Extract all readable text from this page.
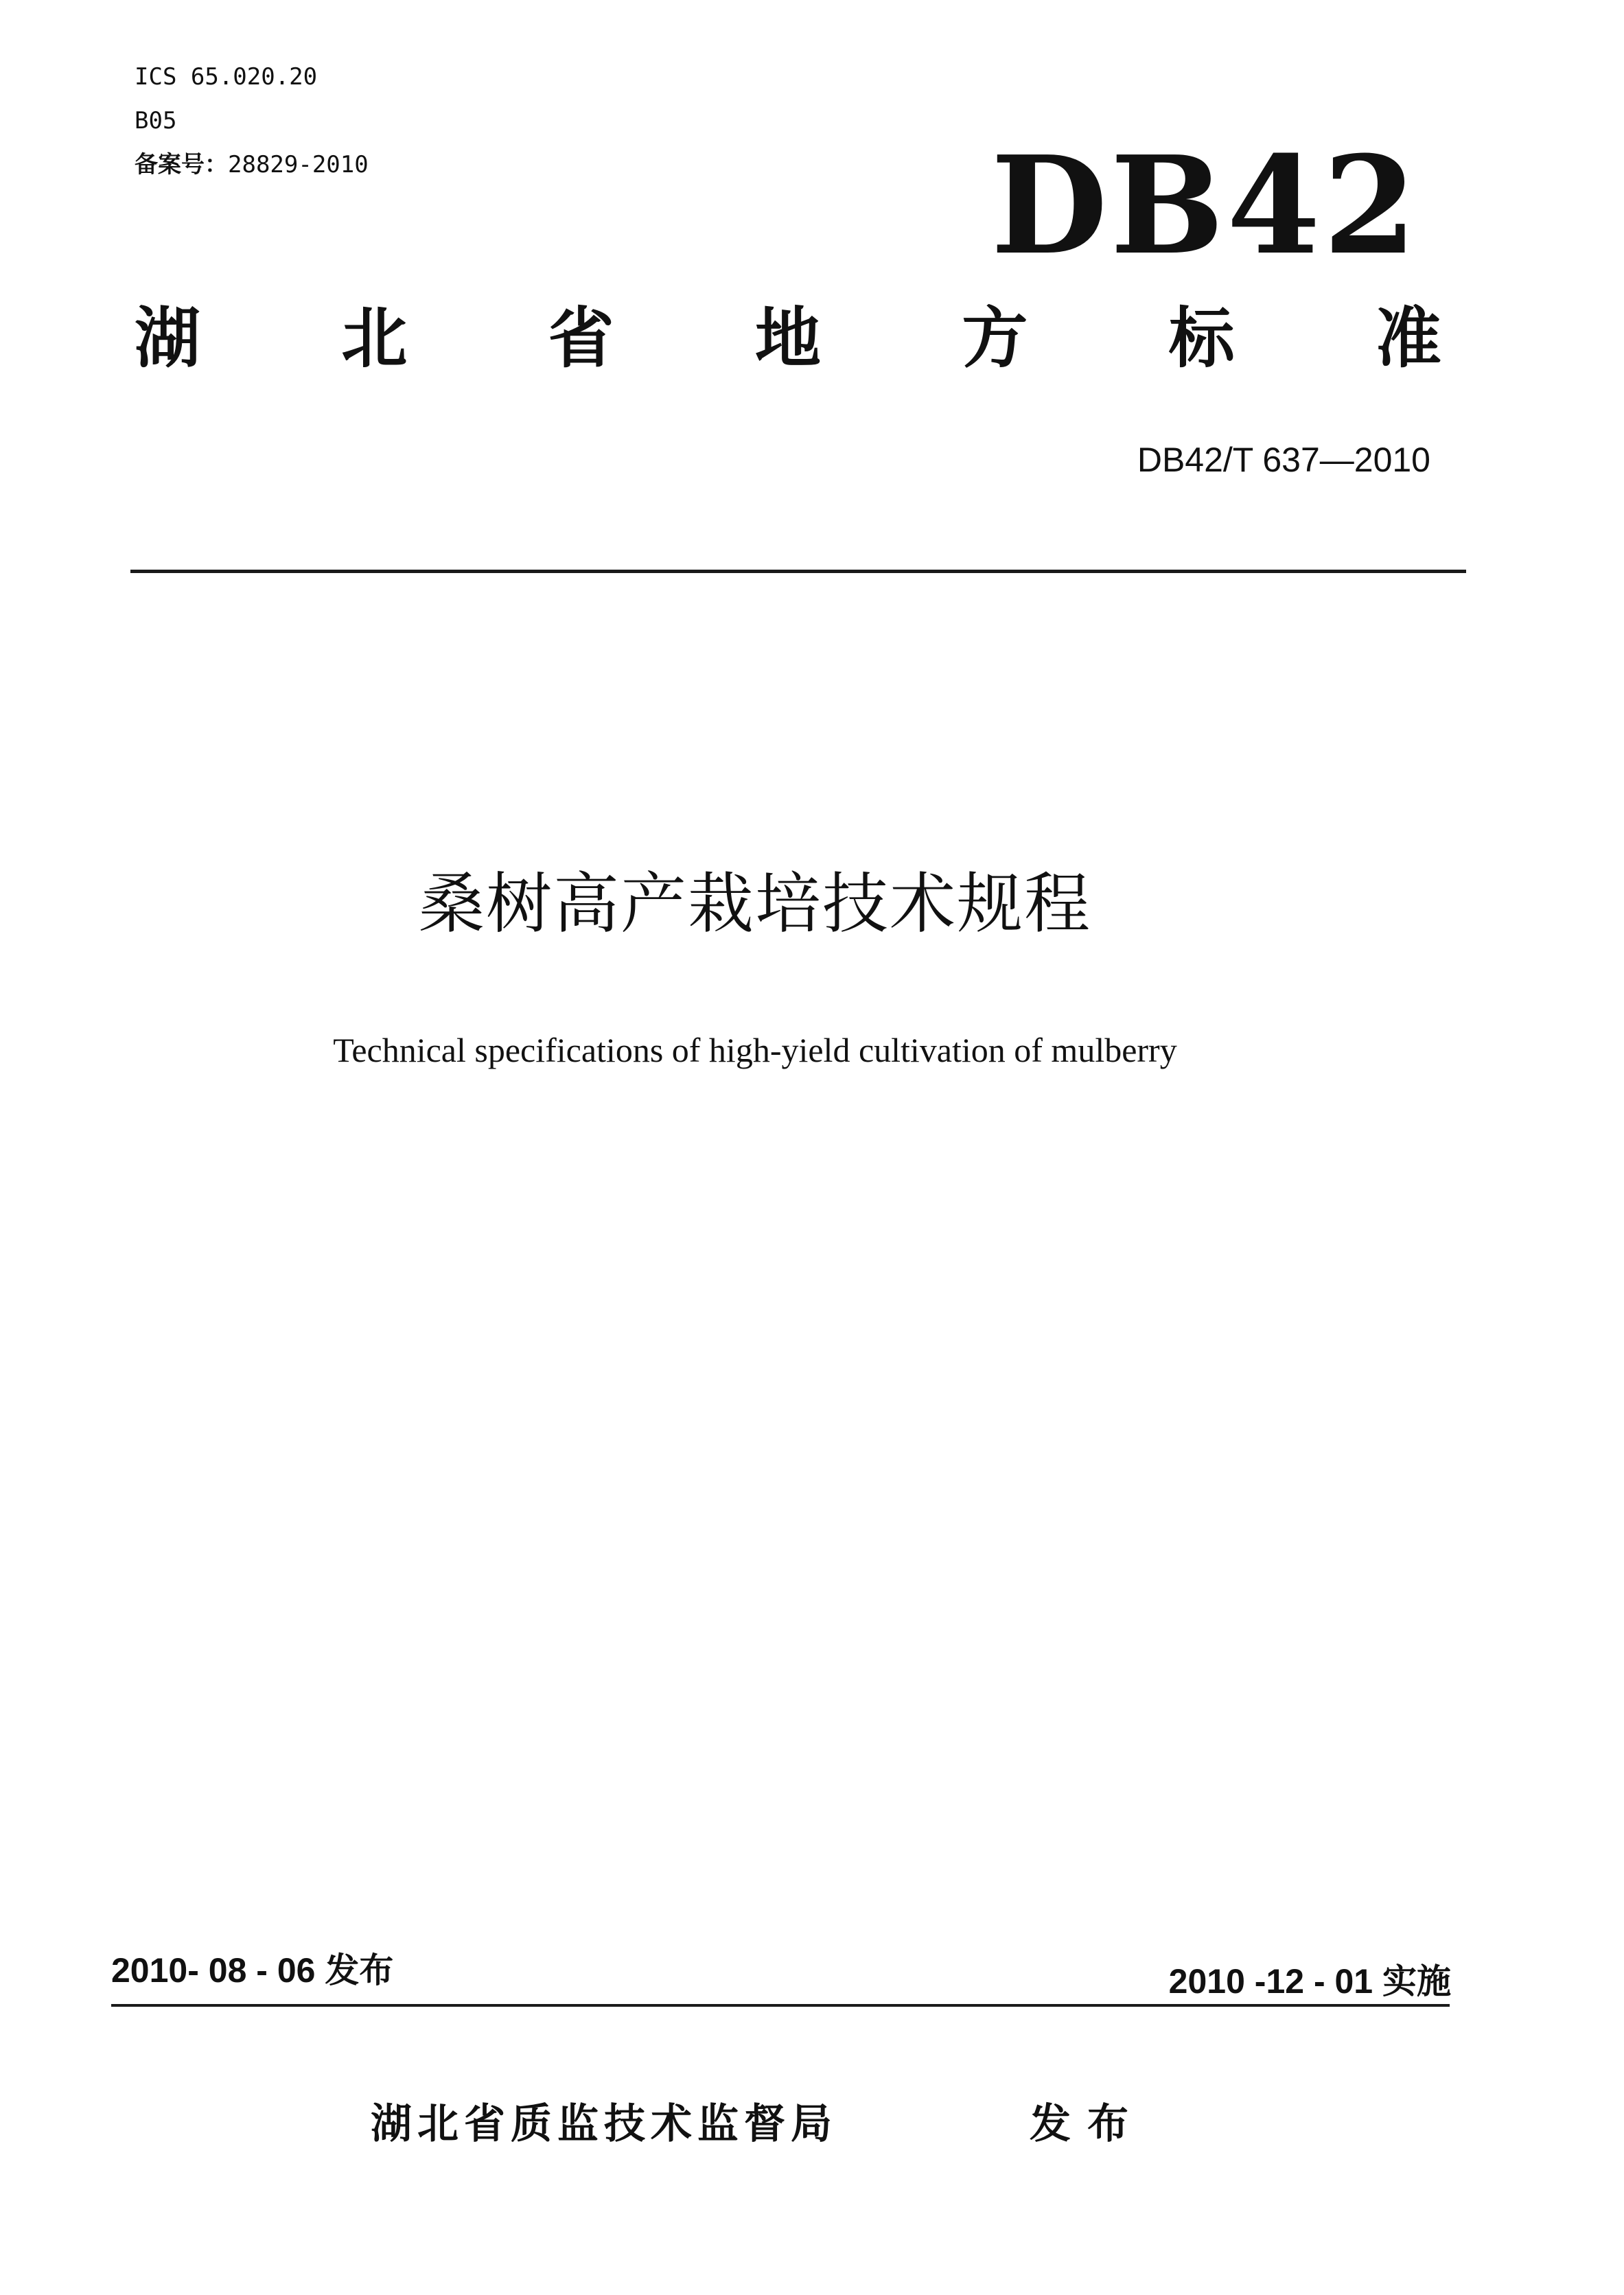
ICS 65.020.20
B05
备案号：28829-2010	DB42
湖 北 省 地 方 标 准
DB42/T 637—2010
桑树高产栽培技术规程
Technical specifications of high-yield cultivation of mulberry
2010- 08 - 06 发布	2010 -12 - 01 实施
湖北省质监技术监督局	发布
